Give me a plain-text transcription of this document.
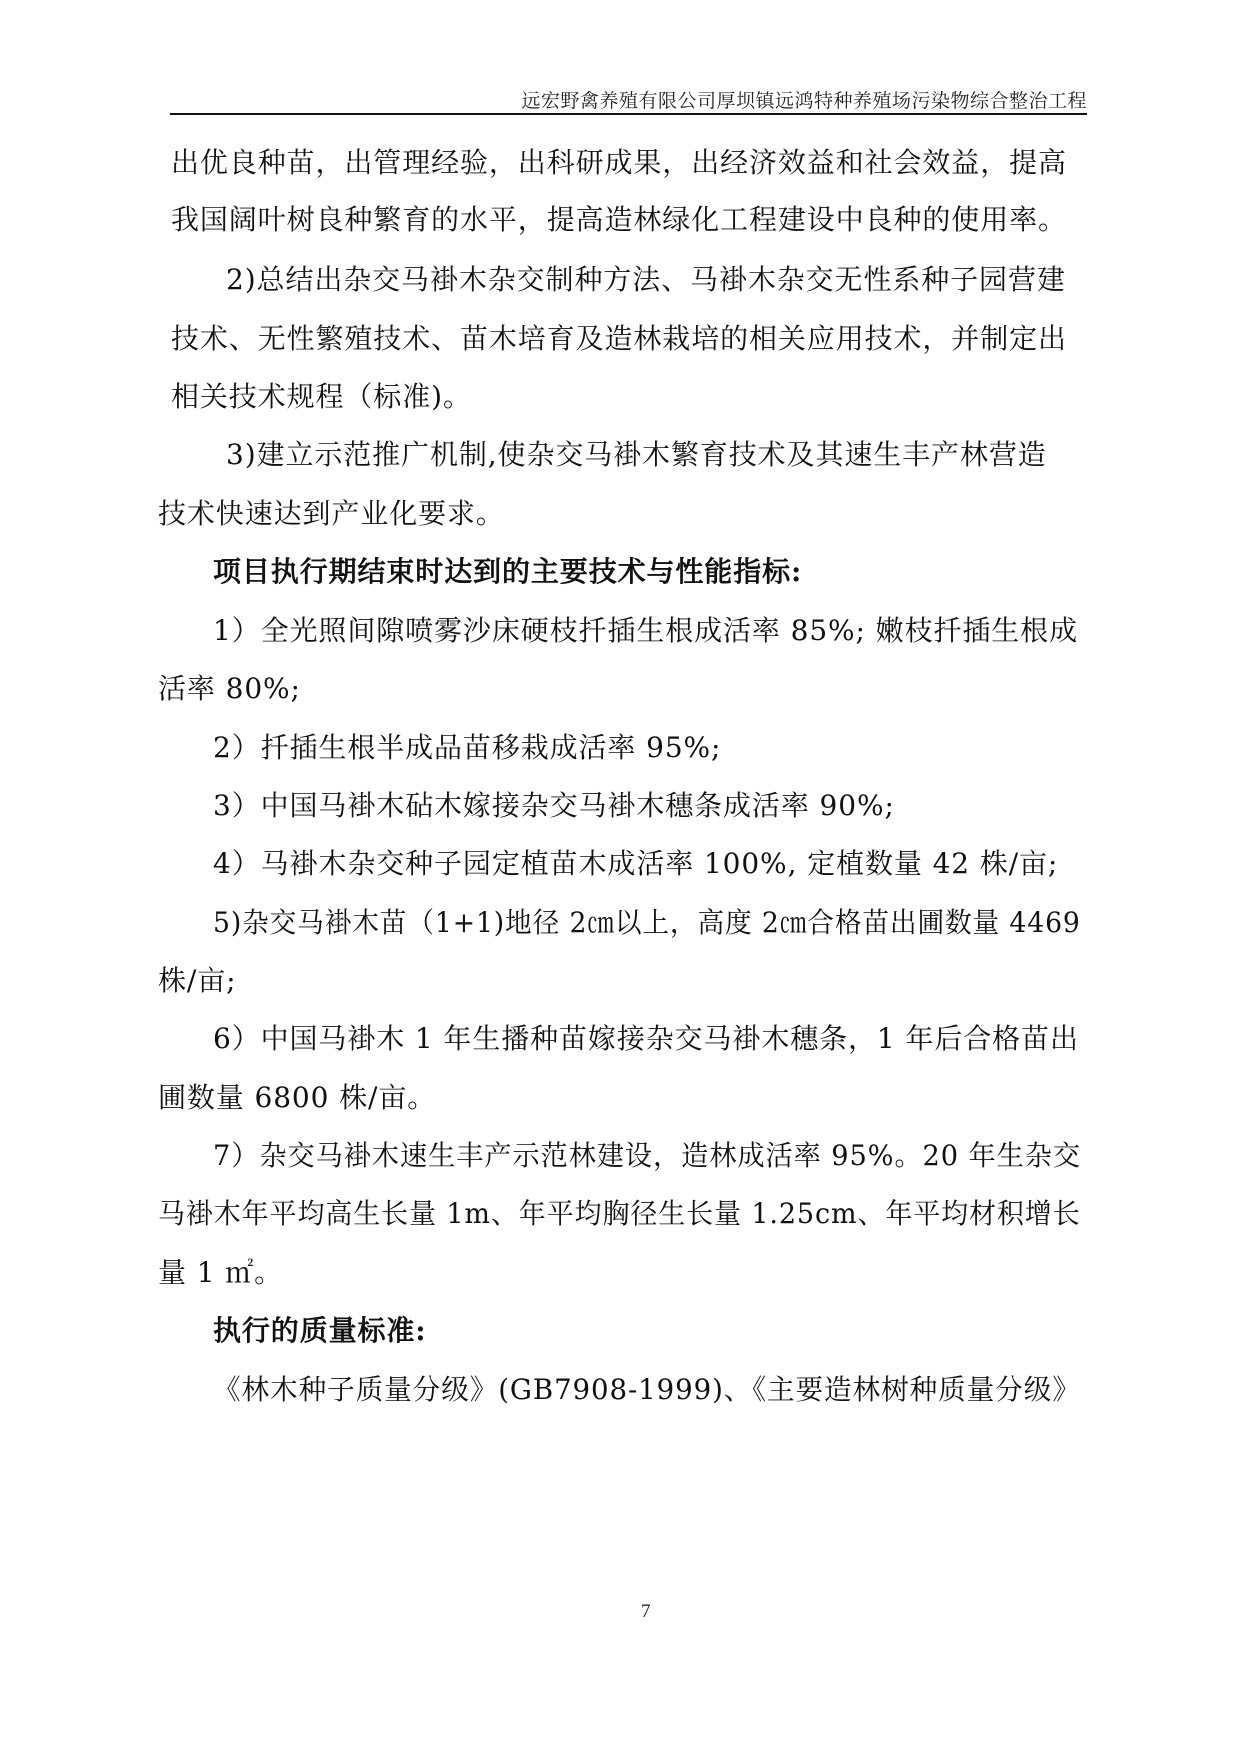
远宏野禽养殖有限公司厚坝镇远鸿特种养殖场污染物综合整治工程
出优良种苗，出管理经验，出科研成果，出经济效益和社会效益，提高
我国阔叶树良种繁育的水平，提高造林绿化工程建设中良种的使用率。
2)总结出杂交马褂木杂交制种方法、马褂木杂交无性系种子园营建
技术、无性繁殖技术、苗木培育及造林栽培的相关应用技术，并制定出
相关技术规程（标准)。
3)建立示范推广机制,使杂交马褂木繁育技术及其速生丰产林营造
技术快速达到产业化要求。
项目执行期结束时达到的主要技术与性能指标:
1）全光照间隙喷雾沙床硬枝扦插生根成活率 85%; 嫩枝扦插生根成
活率 80%;
2）扦插生根半成品苗移栽成活率 95%;
3）中国马褂木砧木嫁接杂交马褂木穗条成活率 90%;
4）马褂木杂交种子园定植苗木成活率 100%, 定植数量 42 株/亩;
5)杂交马褂木苗（1+1)地径 2㎝以上，高度 2㎝合格苗出圃数量 4469
株/亩;
6）中国马褂木 1 年生播种苗嫁接杂交马褂木穗条，1 年后合格苗出
圃数量 6800 株/亩。
7）杂交马褂木速生丰产示范林建设，造林成活率 95%。20 年生杂交
马褂木年平均高生长量 1m、年平均胸径生长量 1.25cm、年平均材积增长
量 1 ㎡。
执行的质量标准:
《林木种子质量分级》(GB7908-1999)、《主要造林树种质量分级》
7
